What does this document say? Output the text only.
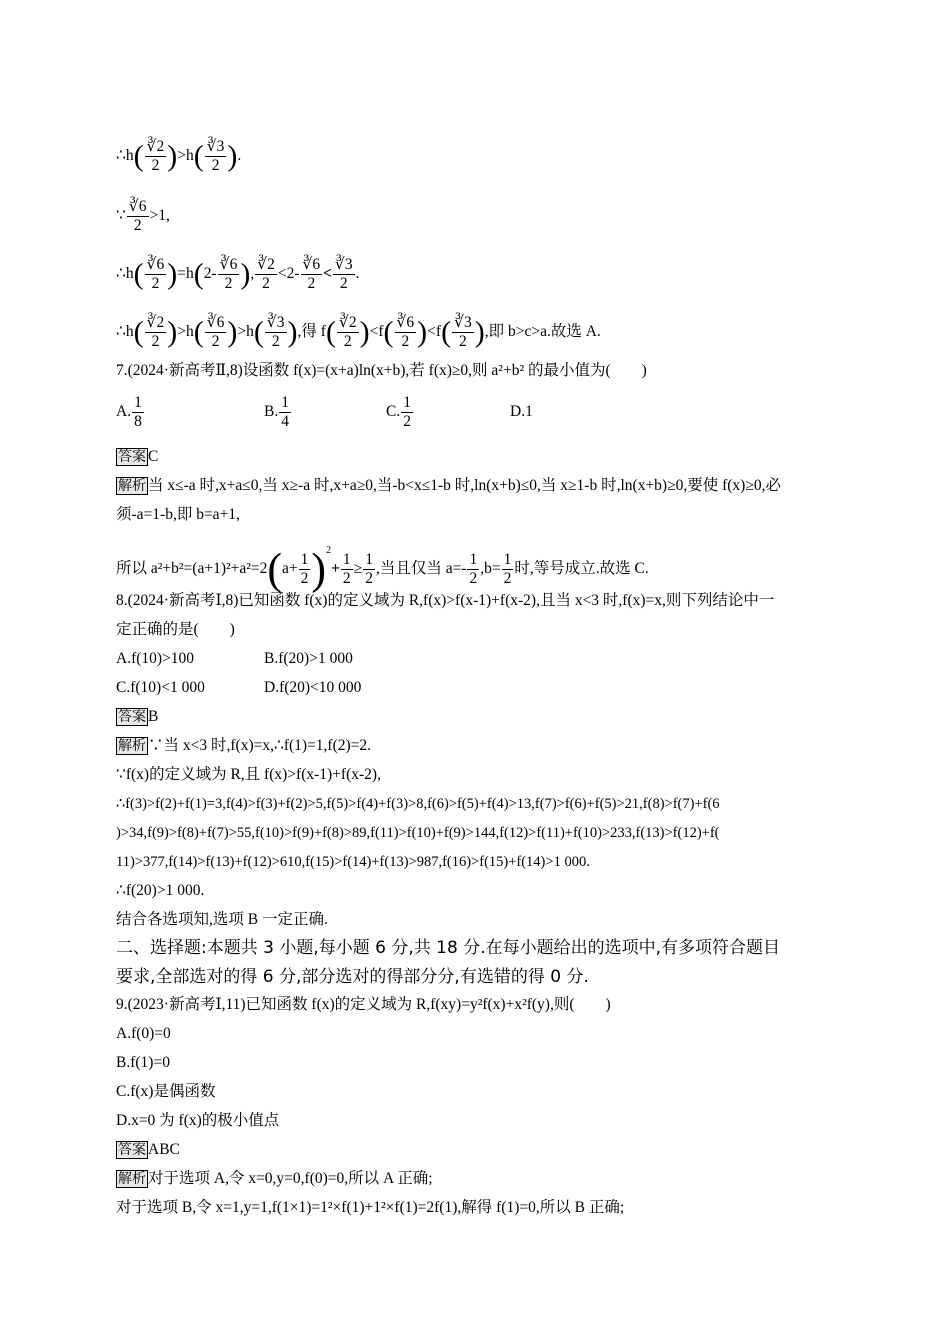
∴h( $\frac{∛2}{2} )>h( \frac{∛3}{2}$ ).
∵ $\frac{∛6}{2} >1$,
∴h( $\frac{∛6}{2} )=h(2- \frac{∛6}{2}$ ), $\frac{∛2}{2} <2- \frac{∛6}{2} < \frac{∛3}{2}$ .
∴h( $\frac{∛2}{2} )>h( \frac{∛6}{2} )>h( \frac{∛3}{2}$ ),得 $f( \frac{∛2}{2} )<f( \frac{∛6}{2} )<f( \frac{∛3}{2}$ ),即 b>c>a.故选 A.
7.(2024·新高考Ⅱ,8)设函数 f(x)=(x+a)ln(x+b),若 f(x)≥0,则 a²+b² 的最小值为(　　)
A. $\frac{1}{8}$	B. $\frac{1}{4}$	C. $\frac{1}{2}$	D.1
答案 C
解析 当 x≤-a 时,x+a≤0,当 x≥-a 时,x+a≥0,当-b<x≤1-b 时,ln(x+b)≤0,当 x≥1-b 时,ln(x+b)≥0,要使 f(x)≥0,必
须-a=1-b,即 b=a+1,
所以 $a^2+b^2=(a+1)^2+a^2=2(a+ \frac{1}{2} )^2+ \frac{1}{2} \ge \frac{1}{2}$ ,当且仅当 $a=- \frac{1}{2} ,b= \frac{1}{2}$ 时,等号成立.故选 C.
8.(2024·新高考Ⅰ,8)已知函数 f(x)的定义域为 R,f(x)>f(x-1)+f(x-2),且当 x<3 时,f(x)=x,则下列结论中一
定正确的是(　　)
A.f(10)>100	B.f(20)>1 000
C.f(10)<1 000	D.f(20)<10 000
答案 B
解析 ∵当 x<3 时,f(x)=x,∴f(1)=1,f(2)=2.
∵f(x)的定义域为 R,且 f(x)>f(x-1)+f(x-2),
∴f(3)>f(2)+f(1)=3,f(4)>f(3)+f(2)>5,f(5)>f(4)+f(3)>8,f(6)>f(5)+f(4)>13,f(7)>f(6)+f(5)>21,f(8)>f(7)+f(6
)>34,f(9)>f(8)+f(7)>55,f(10)>f(9)+f(8)>89,f(11)>f(10)+f(9)>144,f(12)>f(11)+f(10)>233,f(13)>f(12)+f(
11)>377,f(14)>f(13)+f(12)>610,f(15)>f(14)+f(13)>987,f(16)>f(15)+f(14)>1 000.
∴f(20)>1 000.
结合各选项知,选项 B 一定正确.
二、选择题:本题共 3 小题,每小题 6 分,共 18 分.在每小题给出的选项中,有多项符合题目
要求,全部选对的得 6 分,部分选对的得部分分,有选错的得 0 分.
9.(2023·新高考Ⅰ,11)已知函数 f(x)的定义域为 R,f(xy)=y²f(x)+x²f(y),则(　　)
A.f(0)=0
B.f(1)=0
C.f(x)是偶函数
D.x=0 为 f(x)的极小值点
答案 ABC
解析 对于选项 A,令 x=0,y=0,f(0)=0,所以 A 正确;
对于选项 B,令 x=1,y=1,f(1×1)=1²×f(1)+1²×f(1)=2f(1),解得 f(1)=0,所以 B 正确;
